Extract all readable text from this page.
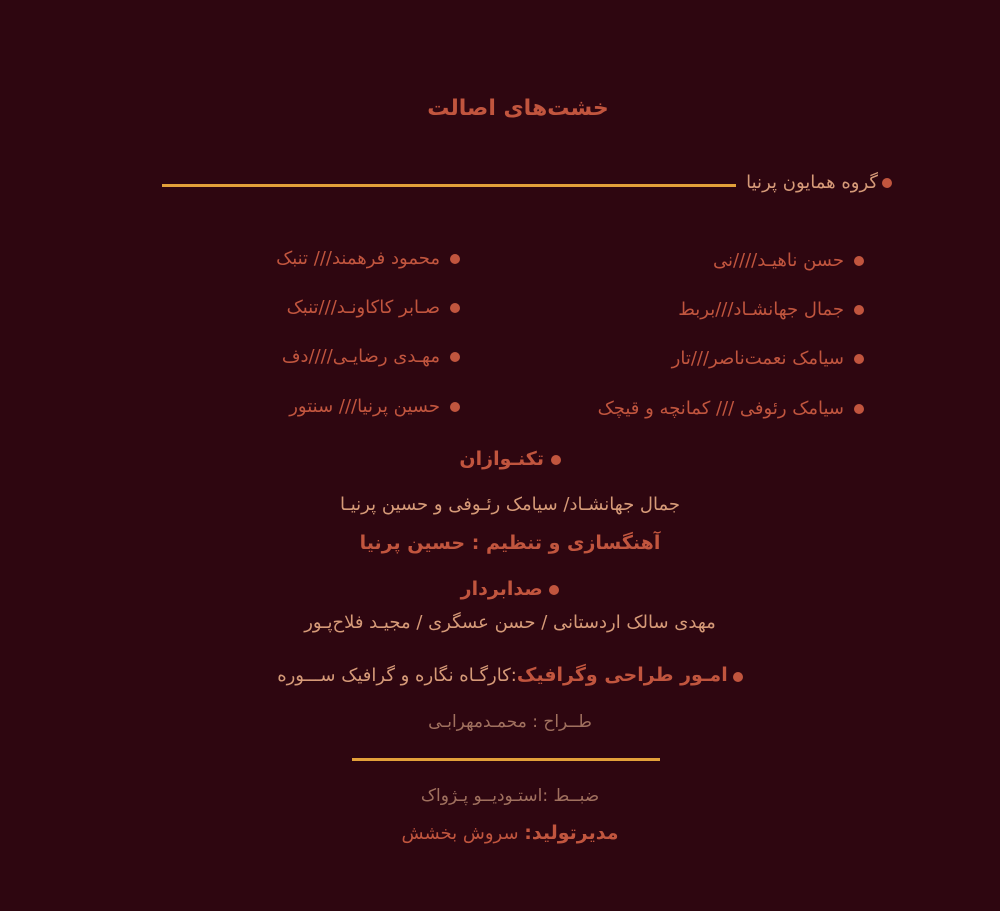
خشت‌های اصالت
گروه همایون پرنیا
حسن ناهیـد////نی
جمال جهانشـاد///بربط
سیامک نعمت‌ناصر///تار
سیامک رئوفی /// کمانچه و قیچک
محمود فرهمند/// تنبک
صـابر کاکاونـد///تنبک
مهـدی رضایـی////دف
حسین پرنیا/// سنتور
تکنـوازان
جمال جهانشـاد/ سیامک رئـوفی و حسین پرنیـا
آهنگسازی و تنظیم : حسین پرنیا
صدابردار
مهدی سالک اردستانی / حسن عسگری / مجیـد فلاح‌پـور
امـور طراحی وگرافیک:کارگـاه نگاره و گرافیک ســـوره
طــراح : محمـدمهرابـی
ضبــط :استـودیــو پـژواک
مدیرتولید: سروش بخشش
